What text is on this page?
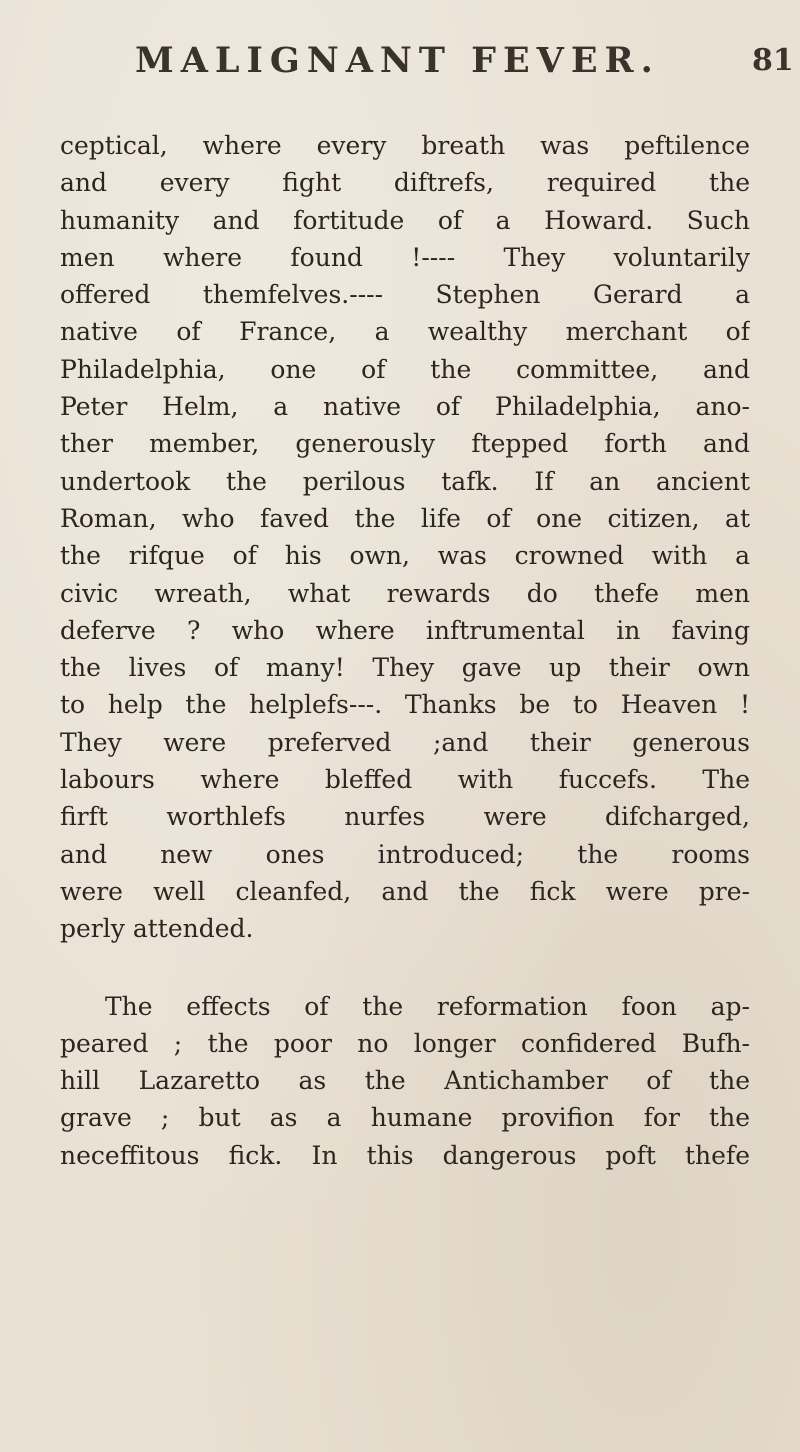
MALIGNANT FEVER.	81
ceptical, where every breath was peftilence
and every fight diftrefs, required the
humanity and fortitude of a Howard. Such
men where found !---- They voluntarily
offered themfelves.---- Stephen Gerard a
native of France, a wealthy merchant of
Philadelphia, one of the committee, and
Peter Helm, a native of Philadelphia, ano-
ther member, generously ftepped forth and
undertook the perilous tafk. If an ancient
Roman, who faved the life of one citizen, at
the rifque of his own, was crowned with a
civic wreath, what rewards do thefe men
deferve ? who where inftrumental in faving
the lives of many! They gave up their own
to help the helplefs---. Thanks be to Heaven !
They were preferved ;and their generous
labours where bleffed with fuccefs. The
firft worthlefs nurfes were difcharged,
and new ones introduced; the rooms
were well cleanfed, and the fick were pre-
perly attended.
The effects of the reformation foon ap-
peared ; the poor no longer confidered Bufh-
hill Lazaretto as the Antichamber of the
grave ; but as a humane provifion for the
neceffitous fick. In this dangerous poft thefe
